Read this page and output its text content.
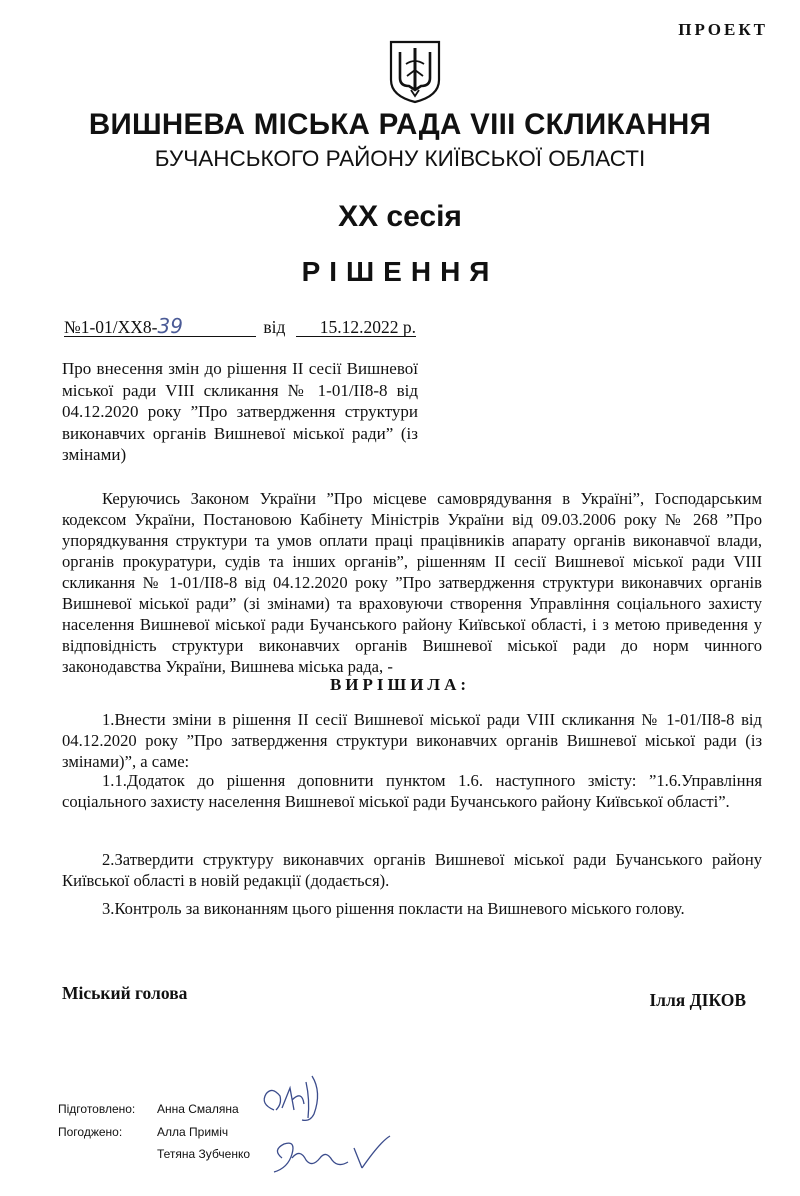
ПРОЕКТ
ВИШНЕВА МІСЬКА РАДА VIII СКЛИКАННЯ
БУЧАНСЬКОГО РАЙОНУ КИЇВСЬКОЇ ОБЛАСТІ
XX сесія
РІШЕННЯ
№1-01/XX8-39	від 15.12.2022 р.
Про внесення змін до рішення ІІ сесії Вишневої міської ради VIII скликання № 1-01/ІІ8-8 від 04.12.2020 року ”Про затвердження структури виконавчих органів Вишневої міської ради” (із змінами)
Керуючись Законом України ”Про місцеве самоврядування в Україні”, Господарським кодексом України, Постановою Кабінету Міністрів України від 09.03.2006 року № 268 ”Про упорядкування структури та умов оплати праці працівників апарату органів виконавчої влади, органів прокуратури, судів та інших органів”, рішенням ІІ сесії Вишневої міської ради VIII скликання № 1-01/ІІ8-8 від 04.12.2020 року ”Про затвердження структури виконавчих органів Вишневої міської ради” (зі змінами) та враховуючи створення Управління соціального захисту населення Вишневої міської ради Бучанського району Київської області, і з метою приведення у відповідність структури виконавчих органів Вишневої міської ради до норм чинного законодавства України, Вишнева міська рада, -
ВИРІШИЛА:
1.Внести зміни в рішення ІІ сесії Вишневої міської ради VIII скликання № 1-01/ІІ8-8 від 04.12.2020 року ”Про затвердження структури виконавчих органів Вишневої міської ради (із змінами)”, а саме:
1.1.Додаток до рішення доповнити пунктом 1.6. наступного змісту: ”1.6.Управління соціального захисту населення Вишневої міської ради Бучанського району Київської області”.
2.Затвердити структуру виконавчих органів Вишневої міської ради Бучанського району Київської області в новій редакції (додається).
3.Контроль за виконанням цього рішення покласти на Вишневого міського голову.
Міський голова	Ілля ДІКОВ
Підготовлено: Анна Смаляна
Погоджено:	Алла Приміч
Тетяна Зубченко
